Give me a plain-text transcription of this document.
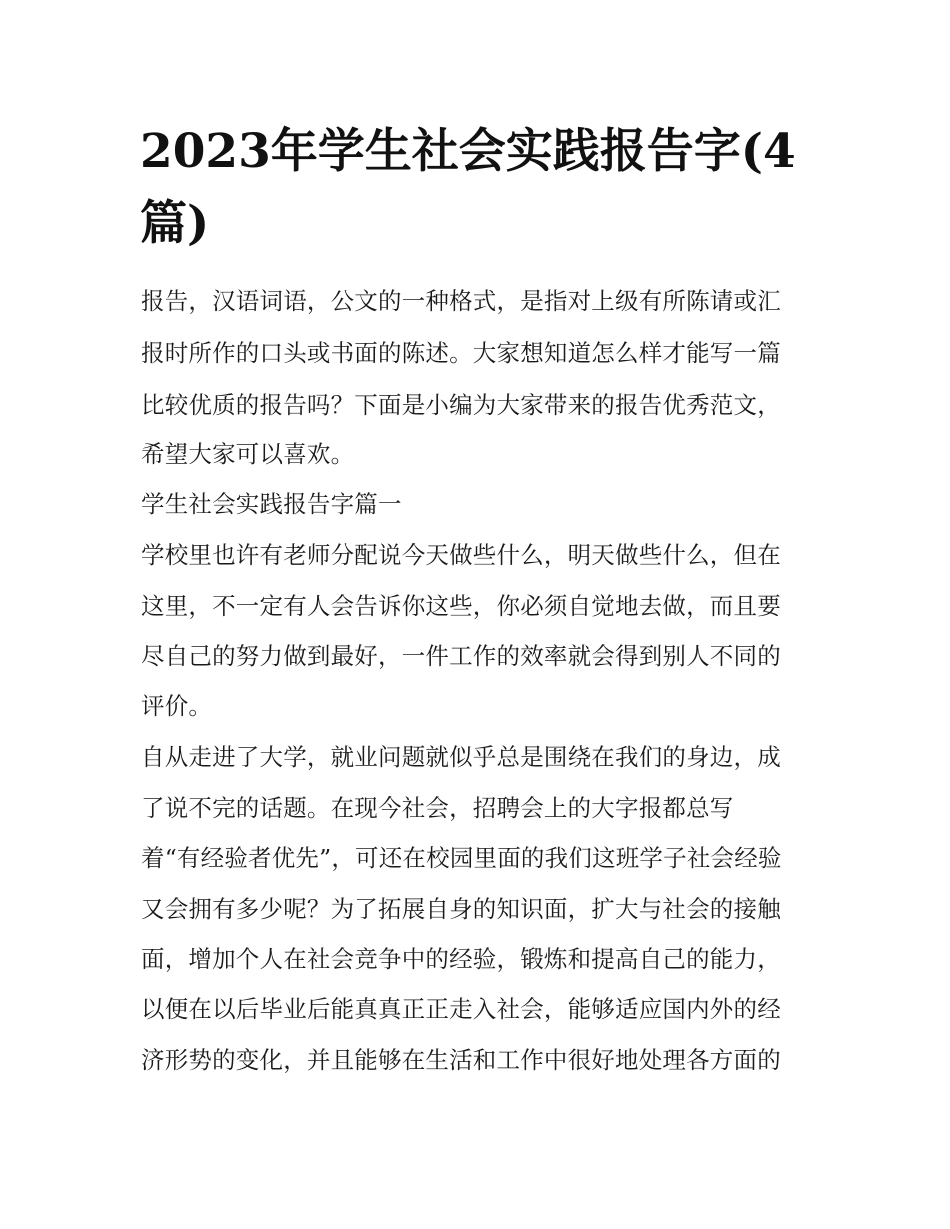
2023年学生社会实践报告字(4
篇)

报告，汉语词语，公文的一种格式，是指对上级有所陈请或汇

报时所作的口头或书面的陈述。大家想知道怎么样才能写一篇

比较优质的报告吗？下面是小编为大家带来的报告优秀范文，

希望大家可以喜欢。

学生社会实践报告字篇一

学校里也许有老师分配说今天做些什么，明天做些什么，但在

这里，不一定有人会告诉你这些，你必须自觉地去做，而且要

尽自己的努力做到最好，一件工作的效率就会得到别人不同的

评价。

自从走进了大学，就业问题就似乎总是围绕在我们的身边，成

了说不完的话题。在现今社会，招聘会上的大字报都总写

着“有经验者优先”，可还在校园里面的我们这班学子社会经验

又会拥有多少呢？为了拓展自身的知识面，扩大与社会的接触

面，增加个人在社会竞争中的经验，锻炼和提高自己的能力，

以便在以后毕业后能真真正正走入社会，能够适应国内外的经

济形势的变化，并且能够在生活和工作中很好地处理各方面的
